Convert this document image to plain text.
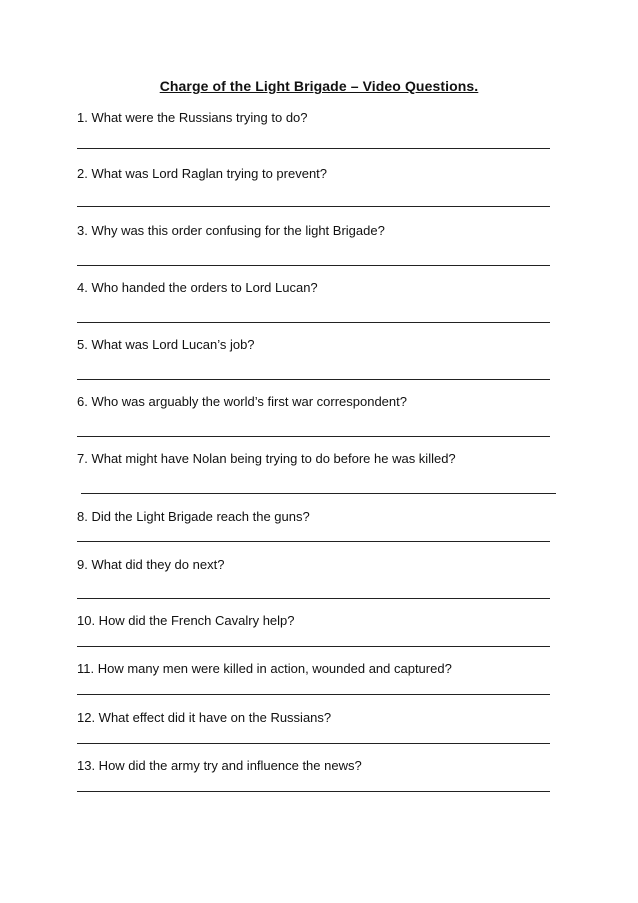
Charge of the Light Brigade – Video Questions.
1. What were the Russians trying to do?
2. What was Lord Raglan trying to prevent?
3. Why was this order confusing for the light Brigade?
4. Who handed the orders to Lord Lucan?
5. What was Lord Lucan’s job?
6. Who was arguably the world’s first war correspondent?
7. What might have Nolan being trying to do before he was killed?
8. Did the Light Brigade reach the guns?
9. What did they do next?
10. How did the French Cavalry help?
11. How many men were killed in action, wounded and captured?
12. What effect did it have on the Russians?
13. How did the army try and influence the news?
